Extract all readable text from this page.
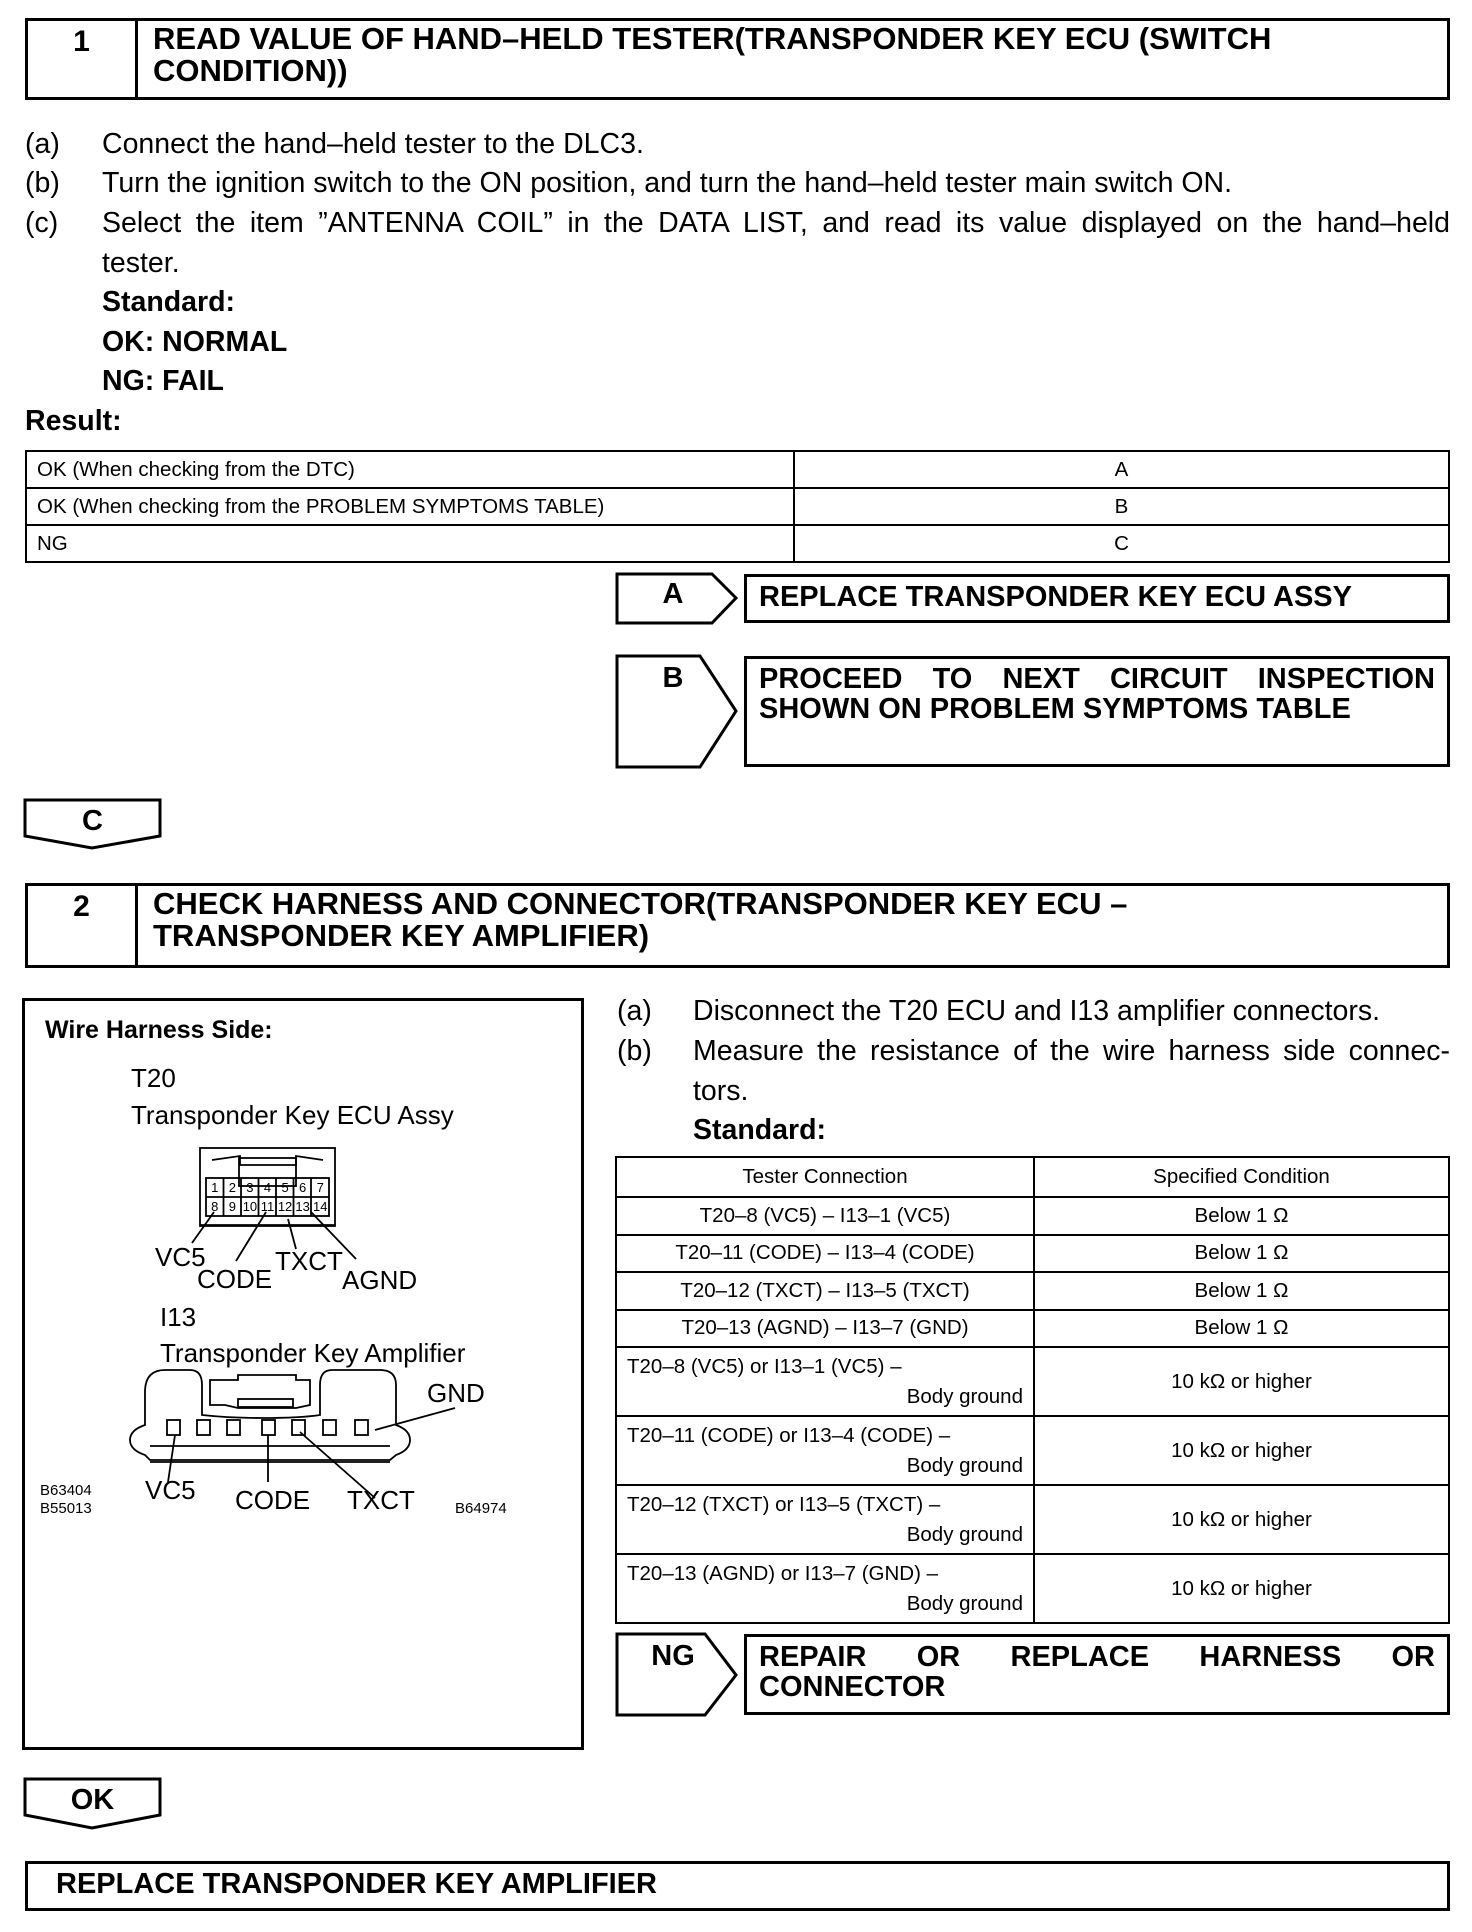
1	READ VALUE OF HAND–HELD TESTER(TRANSPONDER KEY ECU (SWITCH CONDITION))
(a) Connect the hand–held tester to the DLC3.
(b) Turn the ignition switch to the ON position, and turn the hand–held tester main switch ON.
(c) Select the item ”ANTENNA COIL” in the DATA LIST, and read its value displayed on the hand–held
tester.
Standard:
OK: NORMAL
NG: FAIL
Result:
OK (When checking from the DTC)	A
OK (When checking from the PROBLEM SYMPTOMS TABLE)	B
NG	C
A	REPLACE TRANSPONDER KEY ECU ASSY
B	PROCEED TO NEXT CIRCUIT INSPECTION
SHOWN ON PROBLEM SYMPTOMS TABLE
C
2	CHECK HARNESS AND CONNECTOR(TRANSPONDER KEY ECU – TRANSPONDER KEY AMPLIFIER)
Wire Harness Side:
T20
Transponder Key ECU Assy
1 2 3 4 5 6 7
8 9 10 11 12 13 14
VC5
CODE
TXCT
AGND
I13
Transponder Key Amplifier
GND
VC5 CODE TXCT
B63404
B55013	B64974
(a) Disconnect the T20 ECU and I13 amplifier connectors.
(b) Measure the resistance of the wire harness side connec-
tors.
Standard:
Tester Connection	Specified Condition
T20–8 (VC5) – I13–1 (VC5)	Below 1 Ω
T20–11 (CODE) – I13–4 (CODE)	Below 1 Ω
T20–12 (TXCT) – I13–5 (TXCT)	Below 1 Ω
T20–13 (AGND) – I13–7 (GND)	Below 1 Ω

T20–8 (VC5) or I13–1 (VC5) –
Body ground	10 kΩ or higher

T20–11 (CODE) or I13–4 (CODE) –
Body ground	10 kΩ or higher

T20–12 (TXCT) or I13–5 (TXCT) –
Body ground	10 kΩ or higher

T20–13 (AGND) or I13–7 (GND) –
Body ground	10 kΩ or higher
NG	REPAIR OR REPLACE HARNESS OR
CONNECTOR
OK
REPLACE TRANSPONDER KEY AMPLIFIER
